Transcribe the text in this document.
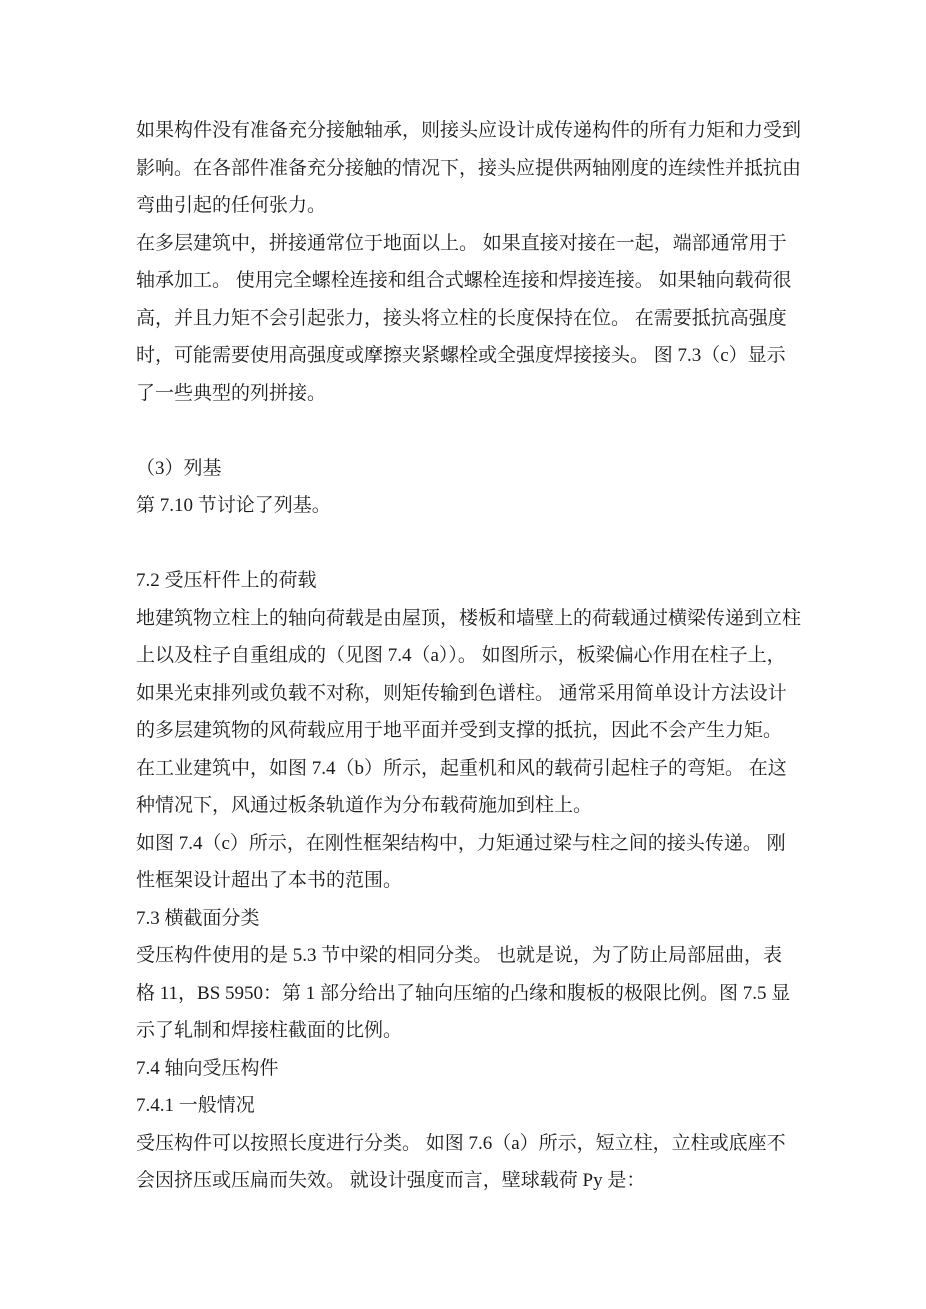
如果构件没有准备充分接触轴承，则接头应设计成传递构件的所有力矩和力受到
影响。在各部件准备充分接触的情况下，接头应提供两轴刚度的连续性并抵抗由
弯曲引起的任何张力。
在多层建筑中，拼接通常位于地面以上。 如果直接对接在一起，端部通常用于
轴承加工。 使用完全螺栓连接和组合式螺栓连接和焊接连接。 如果轴向载荷很
高，并且力矩不会引起张力，接头将立柱的长度保持在位。 在需要抵抗高强度
时，可能需要使用高强度或摩擦夹紧螺栓或全强度焊接接头。 图 7.3（c）显示
了一些典型的列拼接。
（3）列基
第 7.10 节讨论了列基。
7.2 受压杆件上的荷载
地建筑物立柱上的轴向荷载是由屋顶，楼板和墙壁上的荷载通过横梁传递到立柱
上以及柱子自重组成的（见图 7.4（a））。 如图所示，板梁偏心作用在柱子上，
如果光束排列或负载不对称，则矩传输到色谱柱。 通常采用简单设计方法设计
的多层建筑物的风荷载应用于地平面并受到支撑的抵抗，因此不会产生力矩。
在工业建筑中，如图 7.4（b）所示，起重机和风的载荷引起柱子的弯矩。 在这
种情况下，风通过板条轨道作为分布载荷施加到柱上。
如图 7.4（c）所示，在刚性框架结构中，力矩通过梁与柱之间的接头传递。 刚
性框架设计超出了本书的范围。
7.3 横截面分类
受压构件使用的是 5.3 节中梁的相同分类。 也就是说，为了防止局部屈曲，表
格 11，BS 5950：第 1 部分给出了轴向压缩的凸缘和腹板的极限比例。图 7.5 显
示了轧制和焊接柱截面的比例。
7.4 轴向受压构件
7.4.1 一般情况
受压构件可以按照长度进行分类。 如图 7.6（a）所示，短立柱，立柱或底座不
会因挤压或压扁而失效。 就设计强度而言，壁球载荷 Py 是：
